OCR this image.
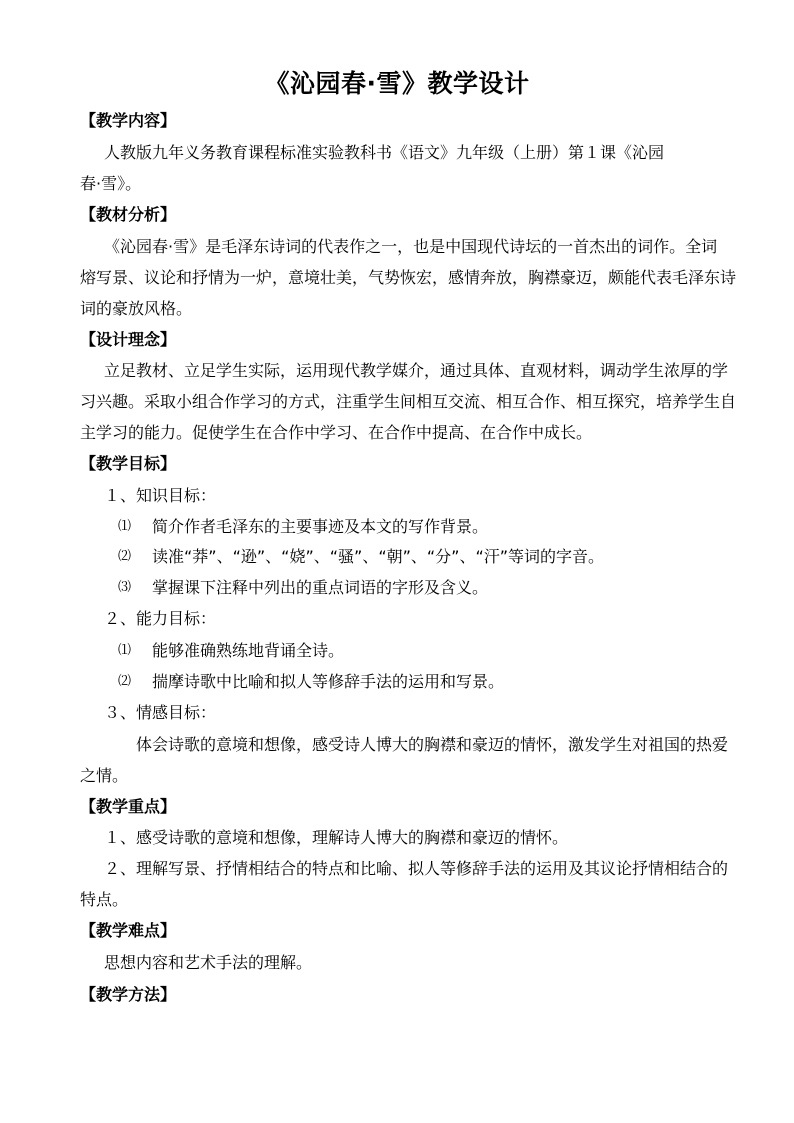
《沁园春·雪》教学设计
【教学内容】
人教版九年义务教育课程标准实验教科书《语文》九年级（上册）第１课《沁园
春·雪》。
【教材分析】
《沁园春·雪》是毛泽东诗词的代表作之一，也是中国现代诗坛的一首杰出的词作。全词
熔写景、议论和抒情为一炉，意境壮美，气势恢宏，感情奔放，胸襟豪迈，颇能代表毛泽东诗
词的豪放风格。
【设计理念】
立足教材、立足学生实际，运用现代教学媒介，通过具体、直观材料，调动学生浓厚的学
习兴趣。采取小组合作学习的方式，注重学生间相互交流、相互合作、相互探究，培养学生自
主学习的能力。促使学生在合作中学习、在合作中提高、在合作中成长。
【教学目标】
１、知识目标：
⑴ 简介作者毛泽东的主要事迹及本文的写作背景。
⑵ 读准“莽”、“逊”、“娆”、“骚”、“朝”、“分”、“汗”等词的字音。
⑶ 掌握课下注释中列出的重点词语的字形及含义。
２、能力目标：
⑴ 能够准确熟练地背诵全诗。
⑵ 揣摩诗歌中比喻和拟人等修辞手法的运用和写景。
３、情感目标：
体会诗歌的意境和想像，感受诗人博大的胸襟和豪迈的情怀，激发学生对祖国的热爱
之情。
【教学重点】
１、感受诗歌的意境和想像，理解诗人博大的胸襟和豪迈的情怀。
２、理解写景、抒情相结合的特点和比喻、拟人等修辞手法的运用及其议论抒情相结合的
特点。
【教学难点】
思想内容和艺术手法的理解。
【教学方法】
